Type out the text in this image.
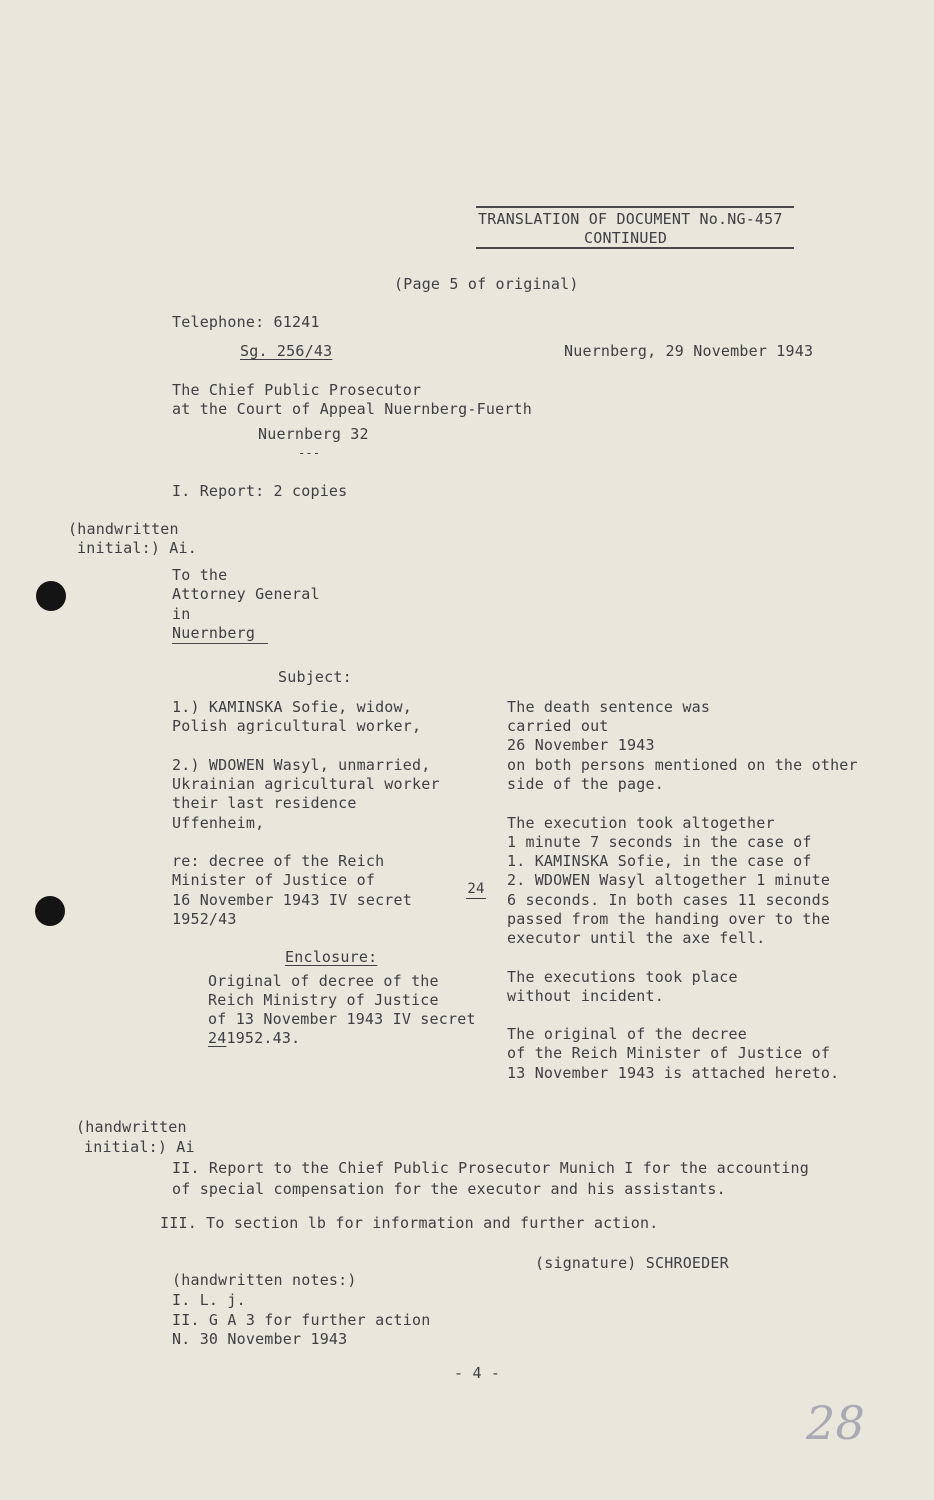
TRANSLATION OF DOCUMENT No.NG-457
CONTINUED
(Page 5 of original)
Telephone: 61241
Sg. 256/43	Nuernberg, 29 November 1943
The Chief Public Prosecutor
at the Court of Appeal Nuernberg-Fuerth
Nuernberg 32
---
I. Report: 2 copies
(handwritten
initial:) Ai.
To the
Attorney General
in
Nuernberg
Subject:
1.) KAMINSKA Sofie, widow,
Polish agricultural worker,
2.) WDOWEN Wasyl, unmarried,
Ukrainian agricultural worker
their last residence
Uffenheim,
re: decree of the Reich
Minister of Justice of
16 November 1943 IV secret
1952/43
24
Enclosure:
Original of decree of the
Reich Ministry of Justice
of 13 November 1943 IV secret
241952.43.
The death sentence was
carried out
26 November 1943
on both persons mentioned on the other
side of the page.
The execution took altogether
1 minute 7 seconds in the case of
1. KAMINSKA Sofie, in the case of
2. WDOWEN Wasyl altogether 1 minute
6 seconds. In both cases 11 seconds
passed from the handing over to the
executor until the axe fell.
The executions took place
without incident.
The original of the decree
of the Reich Minister of Justice of
13 November 1943 is attached hereto.
(handwritten
initial:) Ai
II. Report to the Chief Public Prosecutor Munich I for the accounting
of special compensation for the executor and his assistants.
III. To section lb for information and further action.
(signature) SCHROEDER
(handwritten notes:)
I. L. j.
II. G A 3 for further action
N. 30 November 1943
- 4 -
28
